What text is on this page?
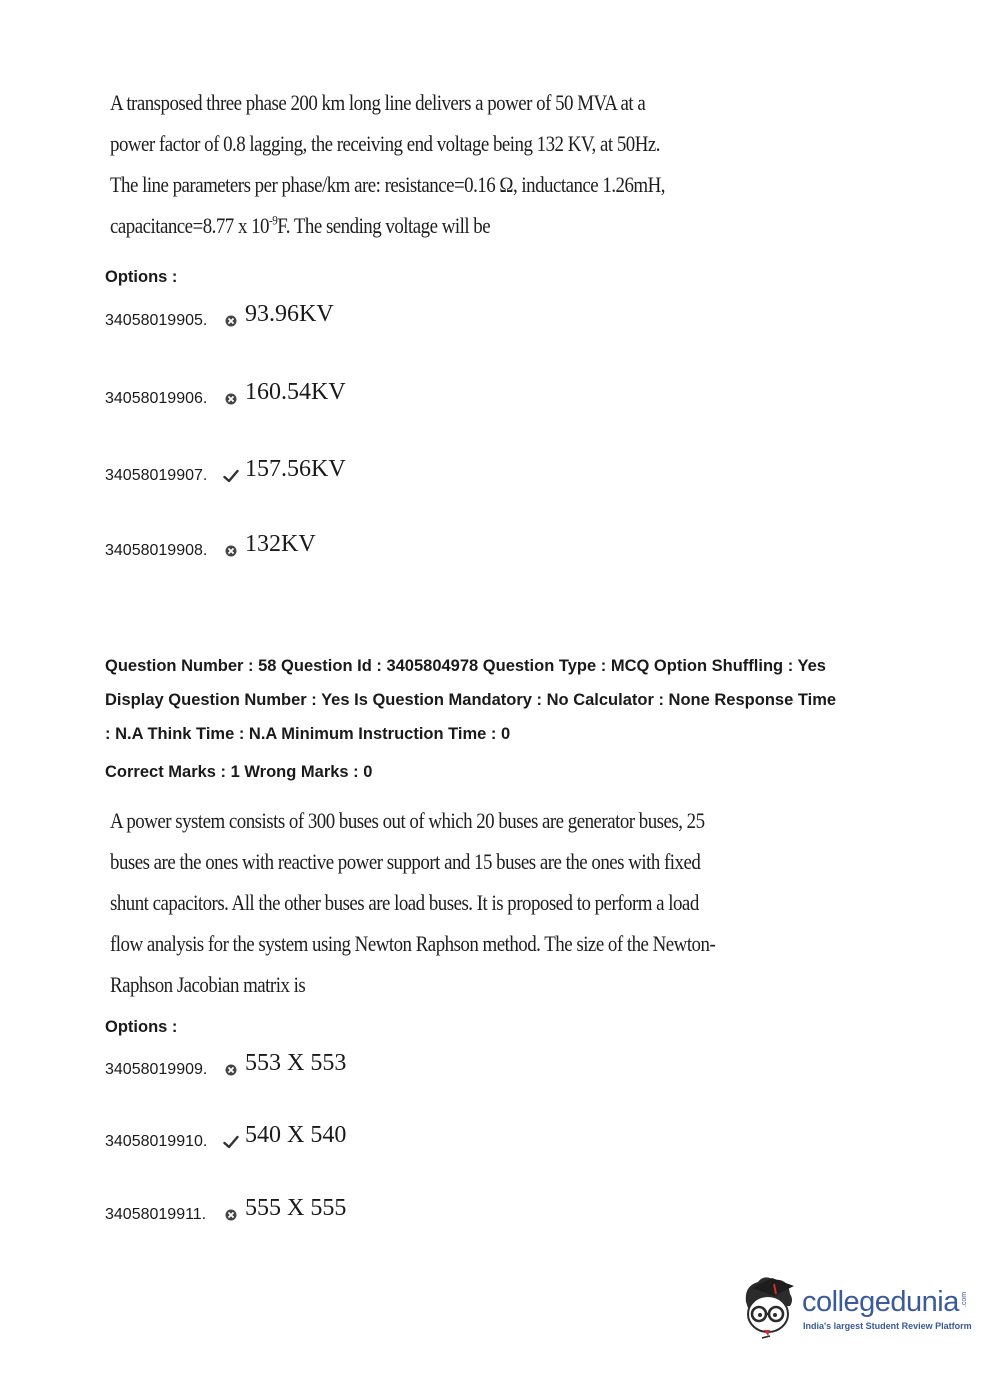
A transposed three phase 200 km long line delivers a power of 50 MVA at a
power factor of 0.8 lagging, the receiving end voltage being 132 KV, at 50Hz.
The line parameters per phase/km are: resistance=0.16 Ω, inductance 1.26mH,
capacitance=8.77 x $10^{-9}F$. The sending voltage will be
Options :
34058019905. 93.96KV
34058019906. 160.54KV
34058019907. 157.56KV
34058019908. 132KV
Question Number : 58 Question Id : 3405804978 Question Type : MCQ Option Shuffling : Yes
Display Question Number : Yes Is Question Mandatory : No Calculator : None Response Time
: N.A Think Time : N.A Minimum Instruction Time : 0
Correct Marks : 1 Wrong Marks : 0
A power system consists of 300 buses out of which 20 buses are generator buses, 25
buses are the ones with reactive power support and 15 buses are the ones with fixed
shunt capacitors. All the other buses are load buses. It is proposed to perform a load
flow analysis for the system using Newton Raphson method. The size of the Newton-
Raphson Jacobian matrix is
Options :
34058019909. 553 X 553
34058019910. 540 X 540
34058019911. 555 X 555
collegedunia .com
India's largest Student Review Platform
